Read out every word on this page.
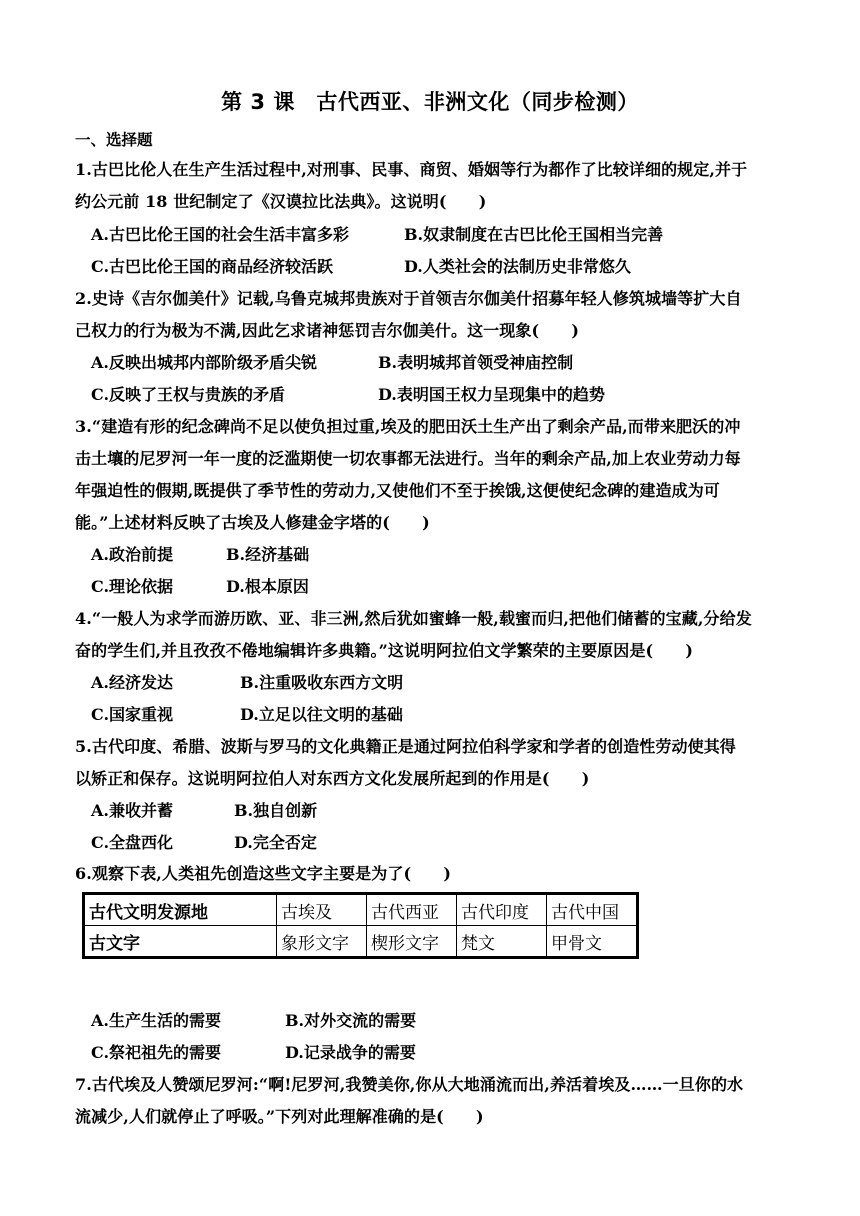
第 3 课　古代西亚、非洲文化（同步检测）
一、选择题
1.古巴比伦人在生产生活过程中,对刑事、民事、商贸、婚姻等行为都作了比较详细的规定,并于
约公元前 18 世纪制定了《汉谟拉比法典》。这说明(　　)
A.古巴比伦王国的社会生活丰富多彩	B.奴隶制度在古巴比伦王国相当完善
C.古巴比伦王国的商品经济较活跃	D.人类社会的法制历史非常悠久
2.史诗《吉尔伽美什》记载,乌鲁克城邦贵族对于首领吉尔伽美什招募年轻人修筑城墙等扩大自
己权力的行为极为不满,因此乞求诸神惩罚吉尔伽美什。这一现象(　　)
A.反映出城邦内部阶级矛盾尖锐	B.表明城邦首领受神庙控制
C.反映了王权与贵族的矛盾	D.表明国王权力呈现集中的趋势
3.“建造有形的纪念碑尚不足以使负担过重,埃及的肥田沃土生产出了剩余产品,而带来肥沃的冲
击土壤的尼罗河一年一度的泛滥期使一切农事都无法进行。当年的剩余产品,加上农业劳动力每
年强迫性的假期,既提供了季节性的劳动力,又使他们不至于挨饿,这便使纪念碑的建造成为可
能。”上述材料反映了古埃及人修建金字塔的(　　)
A.政治前提	B.经济基础
C.理论依据	D.根本原因
4.“一般人为求学而游历欧、亚、非三洲,然后犹如蜜蜂一般,载蜜而归,把他们储蓄的宝藏,分给发
奋的学生们,并且孜孜不倦地编辑许多典籍。”这说明阿拉伯文学繁荣的主要原因是(　　)
A.经济发达	B.注重吸收东西方文明
C.国家重视	D.立足以往文明的基础
5.古代印度、希腊、波斯与罗马的文化典籍正是通过阿拉伯科学家和学者的创造性劳动使其得
以矫正和保存。这说明阿拉伯人对东西方文化发展所起到的作用是(　　)
A.兼收并蓄	B.独自创新
C.全盘西化	D.完全否定
6.观察下表,人类祖先创造这些文字主要是为了(　　)
古代文明发源地	古埃及	古代西亚	古代印度	古代中国
古文字	象形文字	楔形文字	梵文	甲骨文
A.生产生活的需要	B.对外交流的需要
C.祭祀祖先的需要	D.记录战争的需要
7.古代埃及人赞颂尼罗河:“啊!尼罗河,我赞美你,你从大地涌流而出,养活着埃及……一旦你的水
流减少,人们就停止了呼吸。”下列对此理解准确的是(　　)
